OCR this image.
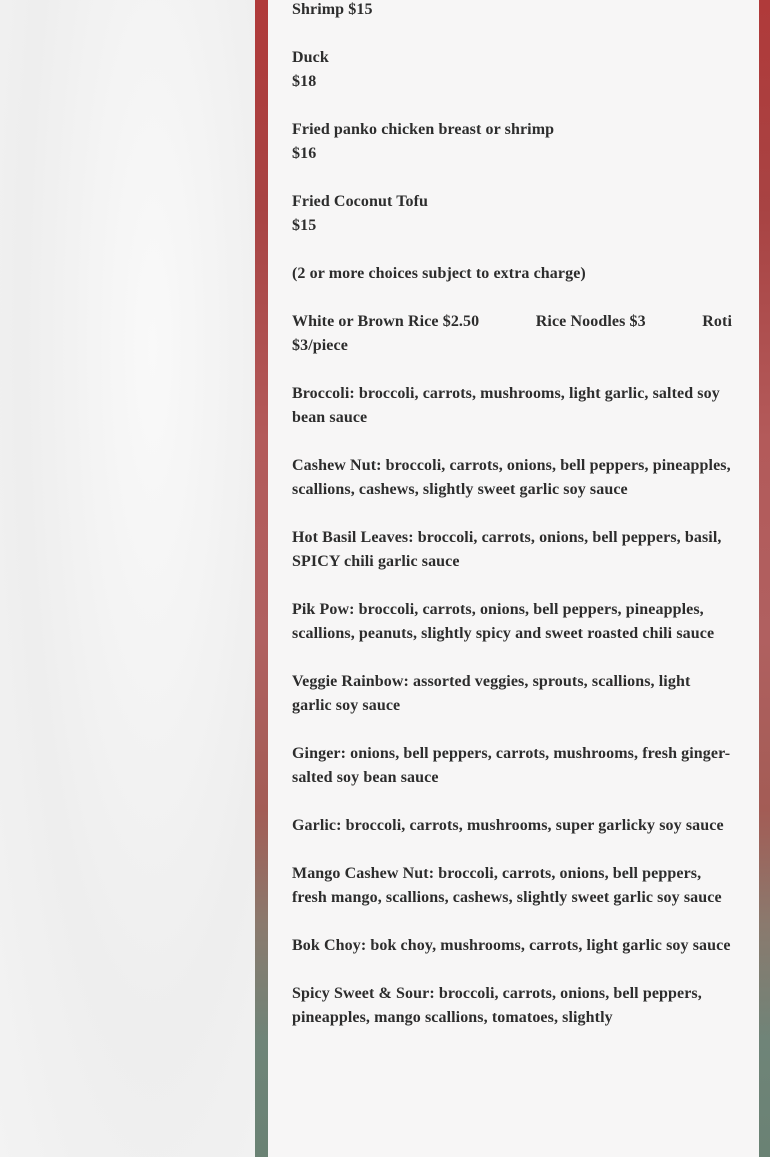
Shrimp $15

Duck
$18

Fried panko chicken breast or shrimp
$16

Fried Coconut Tofu
$15

(2 or more choices subject to extra charge)

White or Brown Rice $2.50	Rice Noodles $3	Roti
$3/piece

Broccoli: broccoli, carrots, mushrooms, light garlic, salted soy bean sauce

Cashew Nut: broccoli, carrots, onions, bell peppers, pineapples, scallions, cashews, slightly sweet garlic soy sauce

Hot Basil Leaves: broccoli, carrots, onions, bell peppers, basil, SPICY chili garlic sauce

Pik Pow: broccoli, carrots, onions, bell peppers, pineapples, scallions, peanuts, slightly spicy and sweet roasted chili sauce

Veggie Rainbow: assorted veggies, sprouts, scallions, light garlic soy sauce

Ginger: onions, bell peppers, carrots, mushrooms, fresh ginger-salted soy bean sauce

Garlic: broccoli, carrots, mushrooms, super garlicky soy sauce

Mango Cashew Nut: broccoli, carrots, onions, bell peppers, fresh mango, scallions, cashews, slightly sweet garlic soy sauce

Bok Choy: bok choy, mushrooms, carrots, light garlic soy sauce

Spicy Sweet & Sour: broccoli, carrots, onions, bell peppers, pineapples, mango scallions, tomatoes, slightly
